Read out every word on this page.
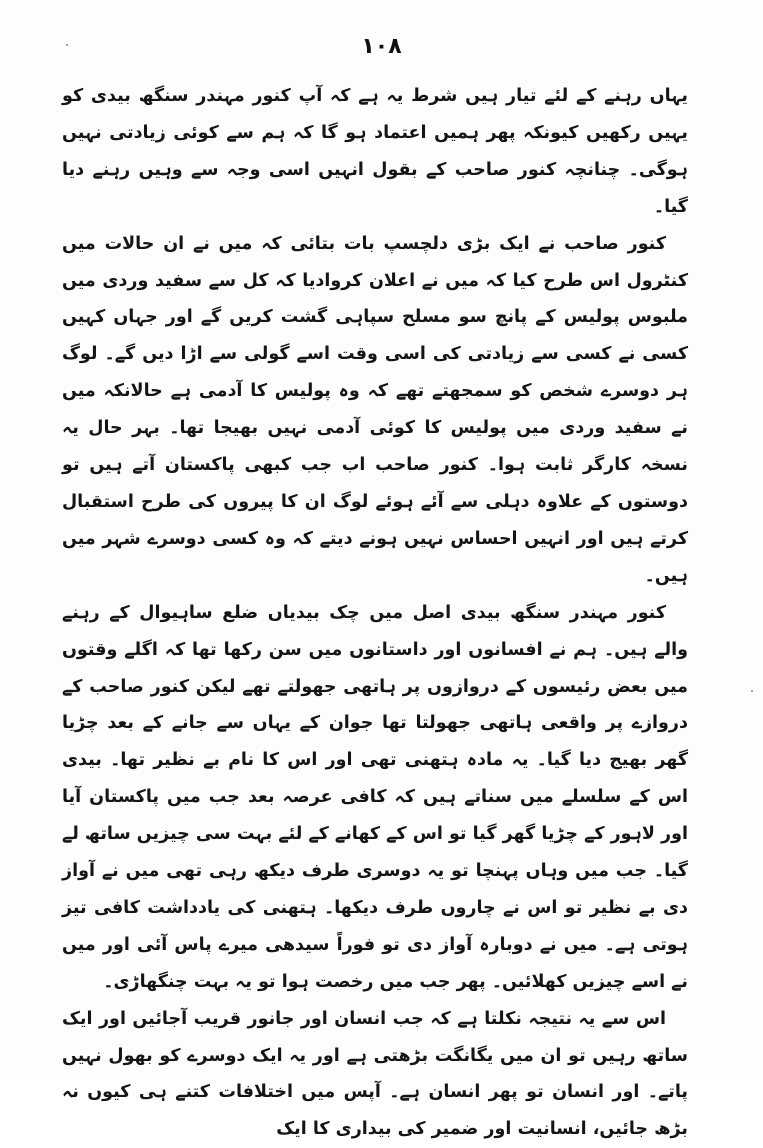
۱۰۸

یہاں رہنے کے لئے تیار ہیں شرط یہ ہے کہ آپ کنور مہندر سنگھ بیدی کو یہیں رکھیں کیونکہ پھر ہمیں اعتماد ہو گا کہ ہم سے کوئی زیادتی نہیں ہوگی۔ چنانچہ کنور صاحب کے بقول انہیں اسی وجہ سے وہیں رہنے دیا گیا۔

کنور صاحب نے ایک بڑی دلچسپ بات بتائی کہ میں نے ان حالات میں کنٹرول اس طرح کیا کہ میں نے اعلان کروادیا کہ کل سے سفید وردی میں ملبوس پولیس کے پانچ سو مسلح سپاہی گشت کریں گے اور جہاں کہیں کسی نے کسی سے زیادتی کی اسی وقت اسے گولی سے اڑا دیں گے۔ لوگ ہر دوسرے شخص کو سمجھتے تھے کہ وہ پولیس کا آدمی ہے حالانکہ میں نے سفید وردی میں پولیس کا کوئی آدمی نہیں بھیجا تھا۔ بہر حال یہ نسخہ کارگر ثابت ہوا۔ کنور صاحب اب جب کبھی پاکستان آتے ہیں تو دوستوں کے علاوہ دہلی سے آئے ہوئے لوگ ان کا پیروں کی طرح استقبال کرتے ہیں اور انہیں احساس نہیں ہونے دیتے کہ وہ کسی دوسرے شہر میں ہیں۔

کنور مہندر سنگھ بیدی اصل میں چک بیدیاں ضلع ساہیوال کے رہنے والے ہیں۔ ہم نے افسانوں اور داستانوں میں سن رکھا تھا کہ اگلے وقتوں میں بعض رئیسوں کے دروازوں پر ہاتھی جھولتے تھے لیکن کنور صاحب کے دروازے پر واقعی ہاتھی جھولتا تھا جوان کے یہاں سے جانے کے بعد چڑیا گھر بھیج دیا گیا۔ یہ مادہ ہتھنی تھی اور اس کا نام بے نظیر تھا۔ بیدی اس کے سلسلے میں سناتے ہیں کہ کافی عرصہ بعد جب میں پاکستان آیا اور لاہور کے چڑیا گھر گیا تو اس کے کھانے کے لئے بہت سی چیزیں ساتھ لے گیا۔ جب میں وہاں پہنچا تو یہ دوسری طرف دیکھ رہی تھی میں نے آواز دی بے نظیر تو اس نے چاروں طرف دیکھا۔ ہتھنی کی یادداشت کافی تیز ہوتی ہے۔ میں نے دوبارہ آواز دی تو فوراً سیدھی میرے پاس آئی اور میں نے اسے چیزیں کھلائیں۔ پھر جب میں رخصت ہوا تو یہ بہت چنگھاڑی۔

اس سے یہ نتیجہ نکلتا ہے کہ جب انسان اور جانور قریب آجائیں اور ایک ساتھ رہیں تو ان میں یگانگت بڑھتی ہے اور یہ ایک دوسرے کو بھول نہیں پاتے۔ اور انسان تو پھر انسان ہے۔ آپس میں اختلافات کتنے ہی کیوں نہ بڑھ جائیں، انسانیت اور ضمیر کی بیداری کا ایک
